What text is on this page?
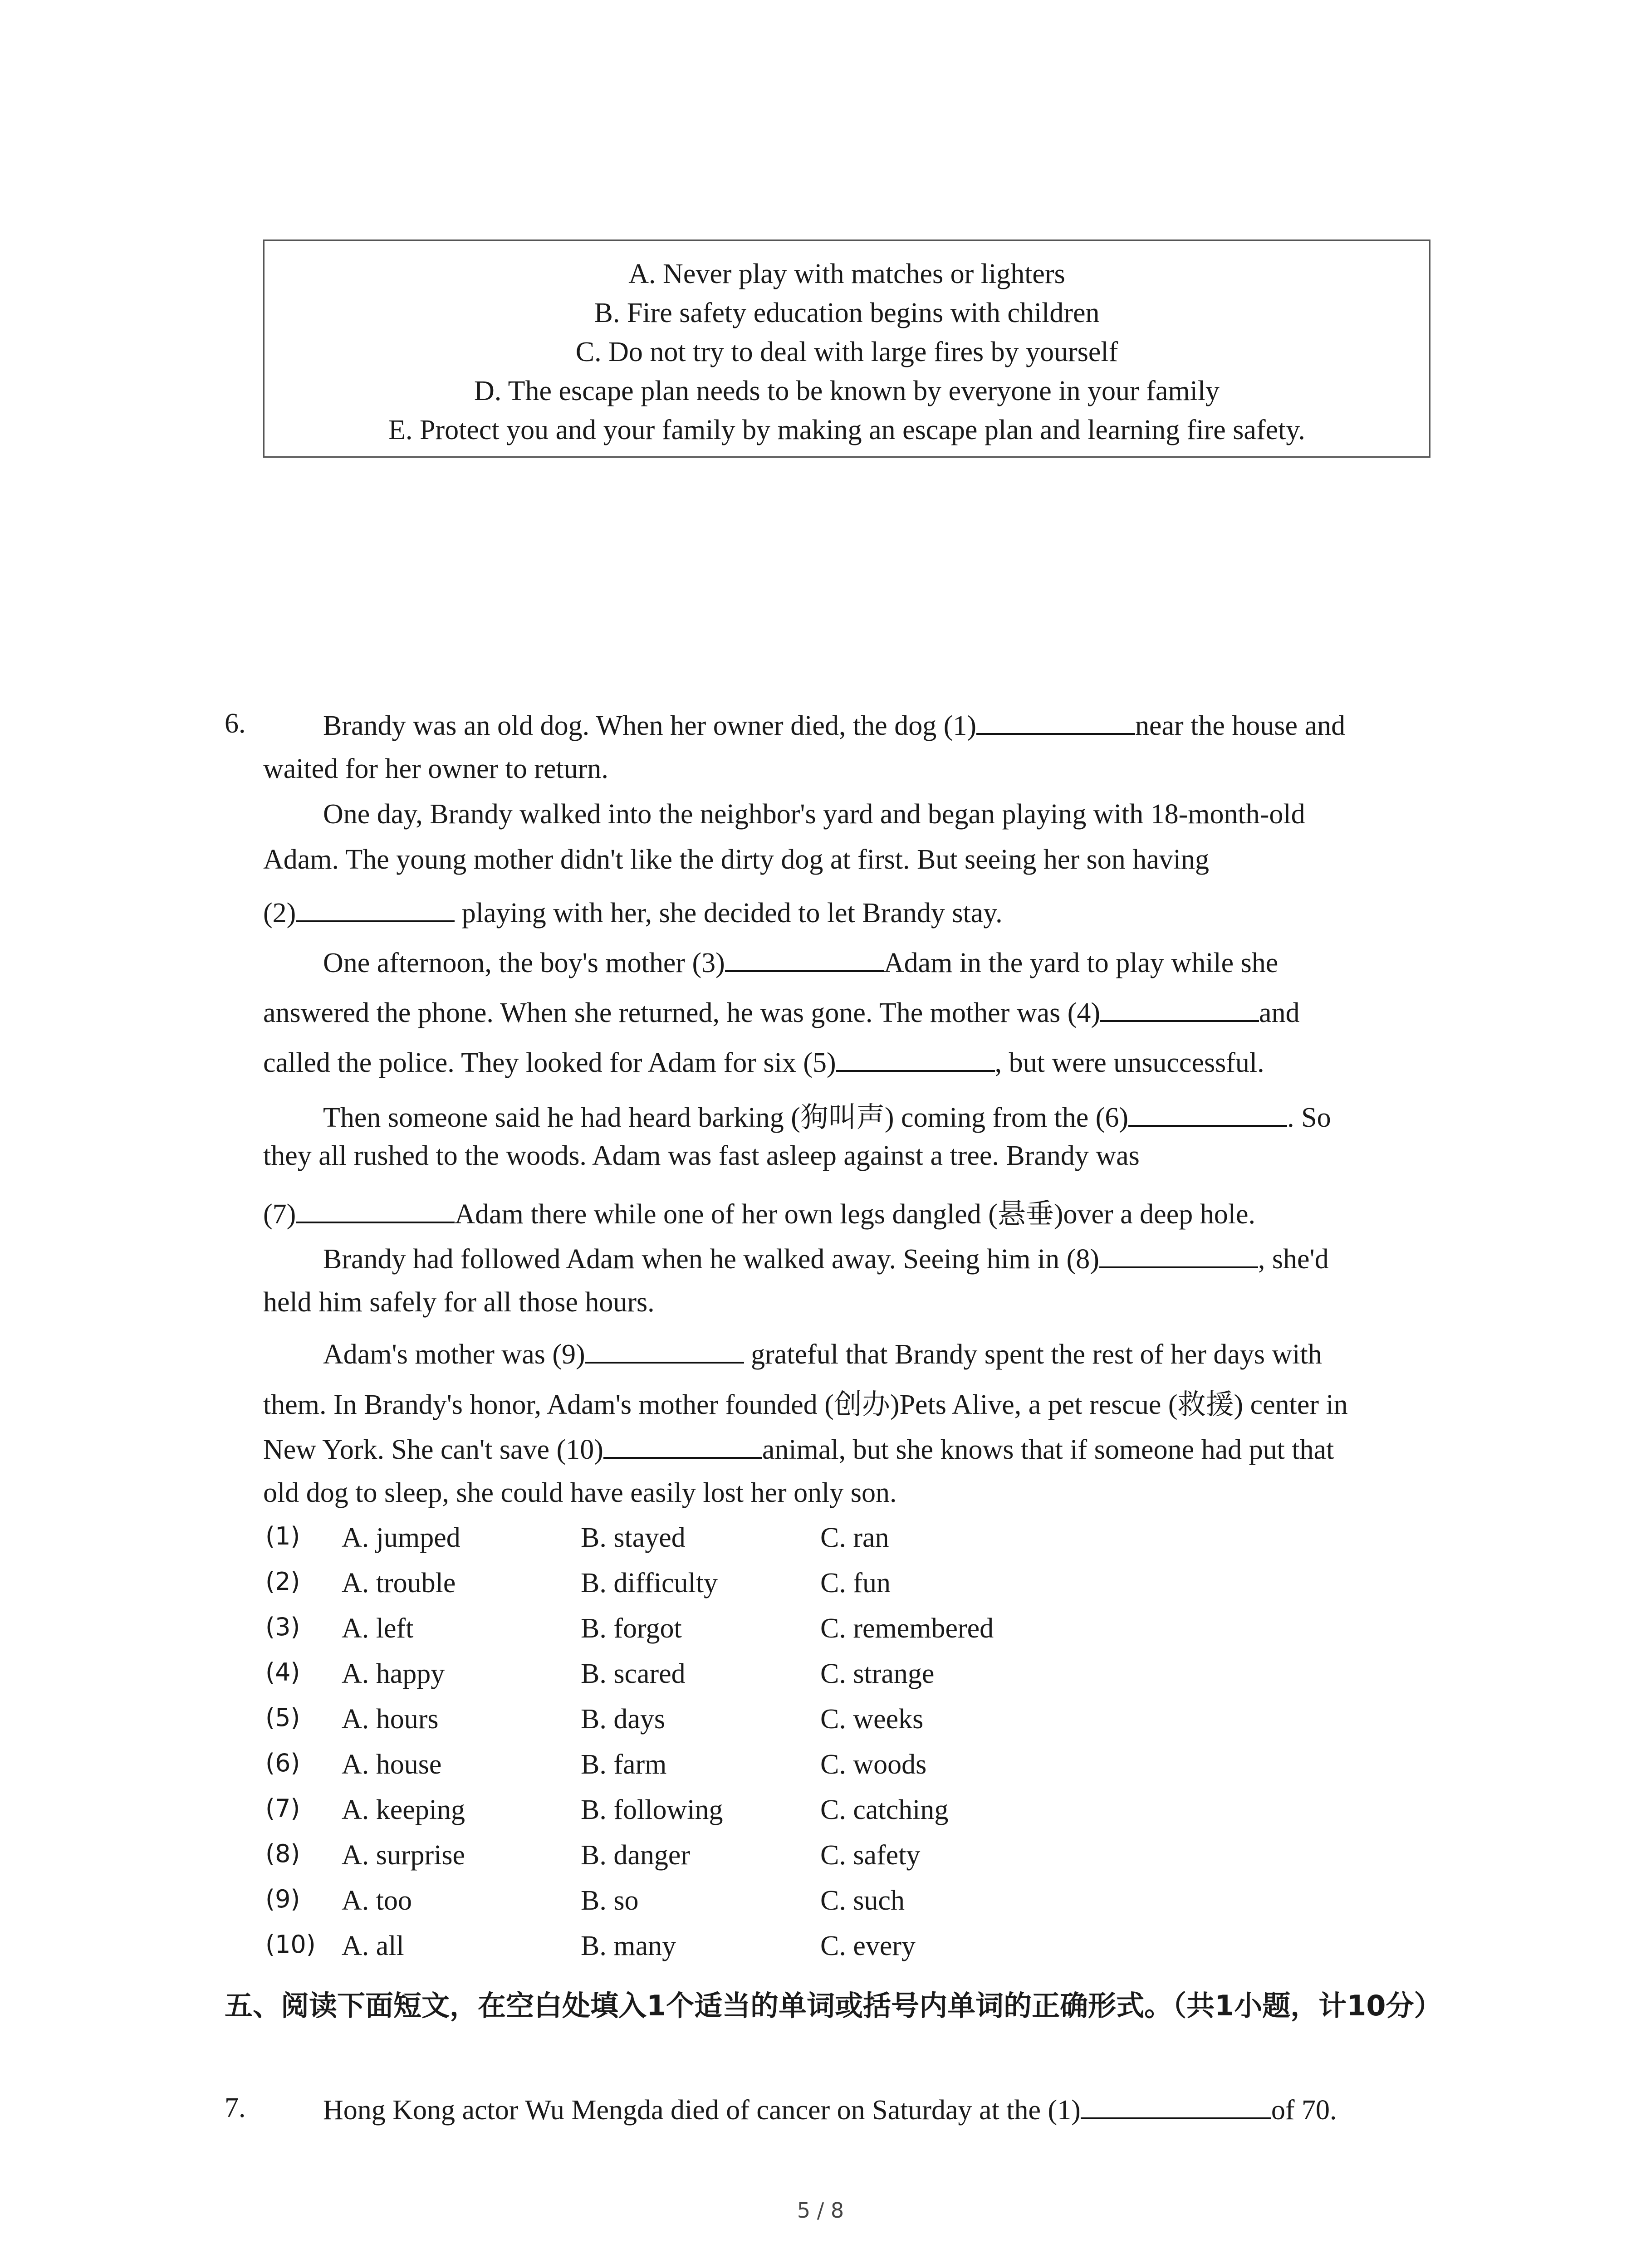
A. Never play with matches or lighters
B. Fire safety education begins with children
C. Do not try to deal with large fires by yourself
D. The escape plan needs to be known by everyone in your family
E. Protect you and your family by making an escape plan and learning fire safety.
6.	Brandy was an old dog. When her owner died, the dog (1)	near the house and
waited for her owner to return.
One day, Brandy walked into the neighbor's yard and began playing with 18-month-old
Adam. The young mother didn't like the dirty dog at first. But seeing her son having
(2)	playing with her, she decided to let Brandy stay.
One afternoon, the boy's mother (3)	Adam in the yard to play while she
answered the phone. When she returned, he was gone. The mother was (4)	and
called the police. They looked for Adam for six (5)	, but were unsuccessful.
Then someone said he had heard barking (狗叫声) coming from the (6)	. So
they all rushed to the woods. Adam was fast asleep against a tree. Brandy was
(7)	Adam there while one of her own legs dangled (悬垂)over a deep hole.
Brandy had followed Adam when he walked away. Seeing him in (8)	, she'd
held him safely for all those hours.
Adam's mother was (9)	grateful that Brandy spent the rest of her days with
them. In Brandy's honor, Adam's mother founded (创办)Pets Alive, a pet rescue (救援) center in
New York. She can't save (10)	animal, but she knows that if someone had put that
old dog to sleep, she could have easily lost her only son.
(1) A. jumped	B. stayed	C. ran
(2) A. trouble	B. difficulty	C. fun
(3) A. left	B. forgot	C. remembered
(4) A. happy	B. scared	C. strange
(5) A. hours	B. days	C. weeks
(6) A. house	B. farm	C. woods
(7) A. keeping	B. following	C. catching
(8) A. surprise	B. danger	C. safety
(9) A. too	B. so	C. such
(10) A. all	B. many	C. every
五、阅读下面短文，在空白处填入1个适当的单词或括号内单词的正确形式。（共1小题，计10分）
7.	Hong Kong actor Wu Mengda died of cancer on Saturday at the (1)	of 70.
5 / 8
